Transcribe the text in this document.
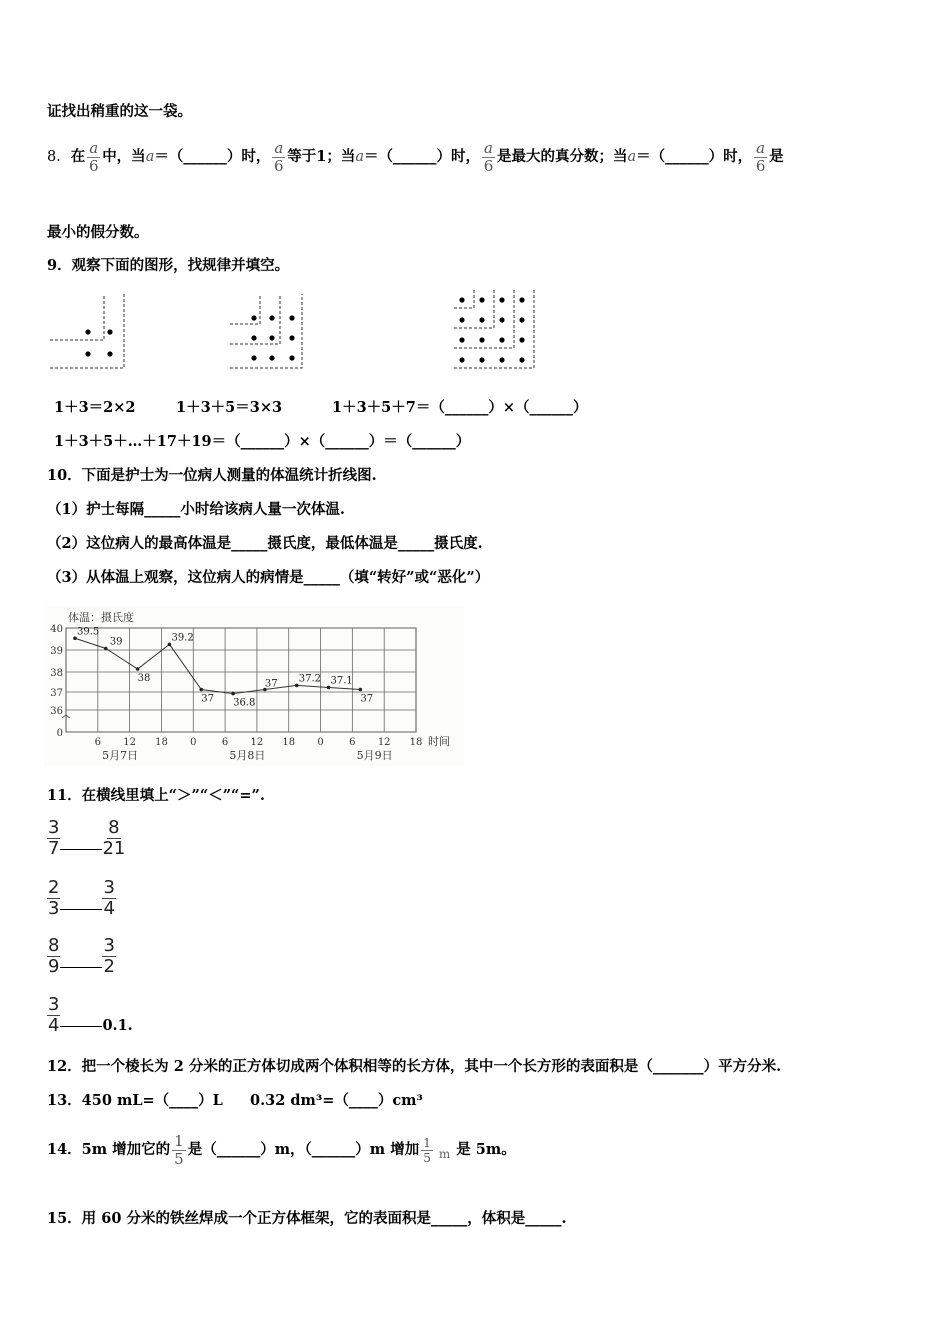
证找出稍重的这一袋。
8． 在 $\frac{a}{6}$ 中，当 a ＝（______）时， $\frac{a}{6}$ 等于1；当 a ＝（______）时， $\frac{a}{6}$ 是最大的真分数；当 a ＝（______）时， $\frac{a}{6}$ 是
最小的假分数。
9．观察下面的图形，找规律并填空。
1＋3＝2×2	1＋3＋5＝3×3	1＋3＋5＋7＝（______）×（______）
1＋3＋5＋…＋17＋19＝（______）×（______）＝（______）
10．下面是护士为一位病人测量的体温统计折线图.
（1）护士每隔_____小时给该病人量一次体温.
（2）这位病人的最高体温是_____摄氏度，最低体温是_____摄氏度.
（3）从体温上观察，这位病人的病情是_____（填“转好”或“恶化”）
40
39
38
37
36
0
体温：摄氏度
6 12 18 0	6 12 18 0	6 12 18 时间
5月7日	5月8日	5月9日
39.5
39
38
39.2
37 36.8
37 37.2 37.1
37
11．在横线里填上“＞”“＜”“=”.
3
7
8
21
2
3
3
4
8
9
3
2
3
4	0.1.
12．把一个棱长为 2 分米的正方体切成两个体积相等的长方体，其中一个长方形的表面积是（_______）平方分米.
13．450 mL=（____）L 0.32 dm³=（____）cm³
14．5m 增加它的 $\frac{1}{5}$ 是（______）m，（______）m 增加 $\frac{1}{5}$ m 是 5m。
15．用 60 分米的铁丝焊成一个正方体框架，它的表面积是_____，体积是_____.
